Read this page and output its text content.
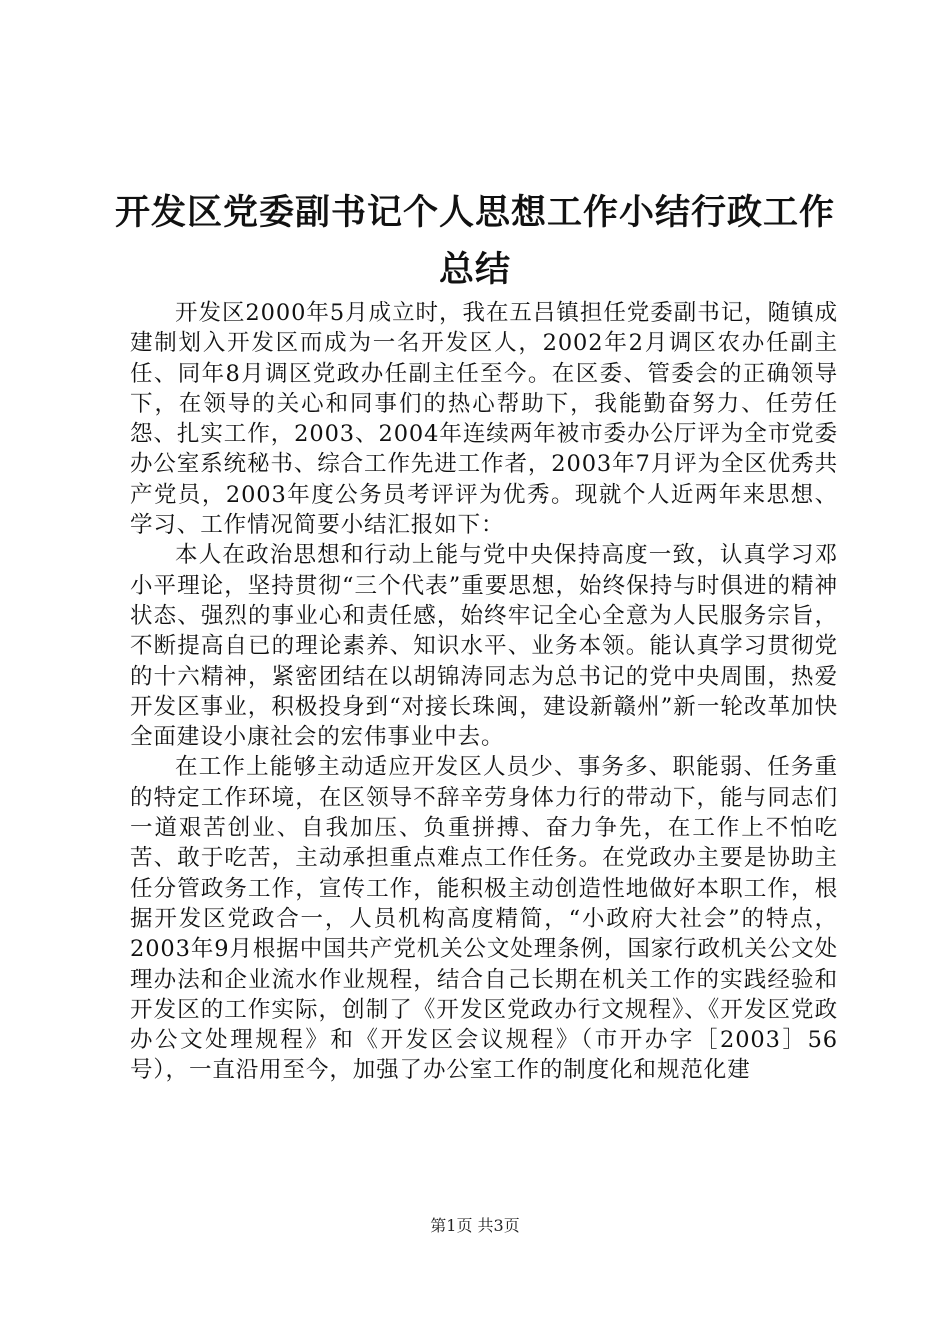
开发区党委副书记个人思想工作小结行政工作
总结

开发区2000年5月成立时，我在五吕镇担任党委副书记，随镇成建制划入开发区而成为一名开发区人，2002年2月调区农办任副主任、同年8月调区党政办任副主任至今。在区委、管委会的正确领导下，在领导的关心和同事们的热心帮助下，我能勤奋努力、任劳任怨、扎实工作，2003、2004年连续两年被市委办公厅评为全市党委办公室系统秘书、综合工作先进工作者，2003年7月评为全区优秀共产党员，2003年度公务员考评评为优秀。现就个人近两年来思想、学习、工作情况简要小结汇报如下：

本人在政治思想和行动上能与党中央保持高度一致，认真学习邓小平理论，坚持贯彻“三个代表”重要思想，始终保持与时俱进的精神状态、强烈的事业心和责任感，始终牢记全心全意为人民服务宗旨，不断提高自已的理论素养、知识水平、业务本领。能认真学习贯彻党的十六精神，紧密团结在以胡锦涛同志为总书记的党中央周围，热爱开发区事业，积极投身到“对接长珠闽，建设新赣州”新一轮改革加快全面建设小康社会的宏伟事业中去。

在工作上能够主动适应开发区人员少、事务多、职能弱、任务重的特定工作环境，在区领导不辞辛劳身体力行的带动下，能与同志们一道艰苦创业、自我加压、负重拼搏、奋力争先，在工作上不怕吃苦、敢于吃苦，主动承担重点难点工作任务。在党政办主要是协助主任分管政务工作，宣传工作，能积极主动创造性地做好本职工作，根据开发区党政合一，人员机构高度精简，“小政府大社会”的特点，2003年9月根据中国共产党机关公文处理条例，国家行政机关公文处理办法和企业流水作业规程，结合自己长期在机关工作的实践经验和开发区的工作实际，创制了《开发区党政办行文规程》、《开发区党政办公文处理规程》和《开发区会议规程》（市开办字［2003］56号），一直沿用至今，加强了办公室工作的制度化和规范化建

第1页 共3页
